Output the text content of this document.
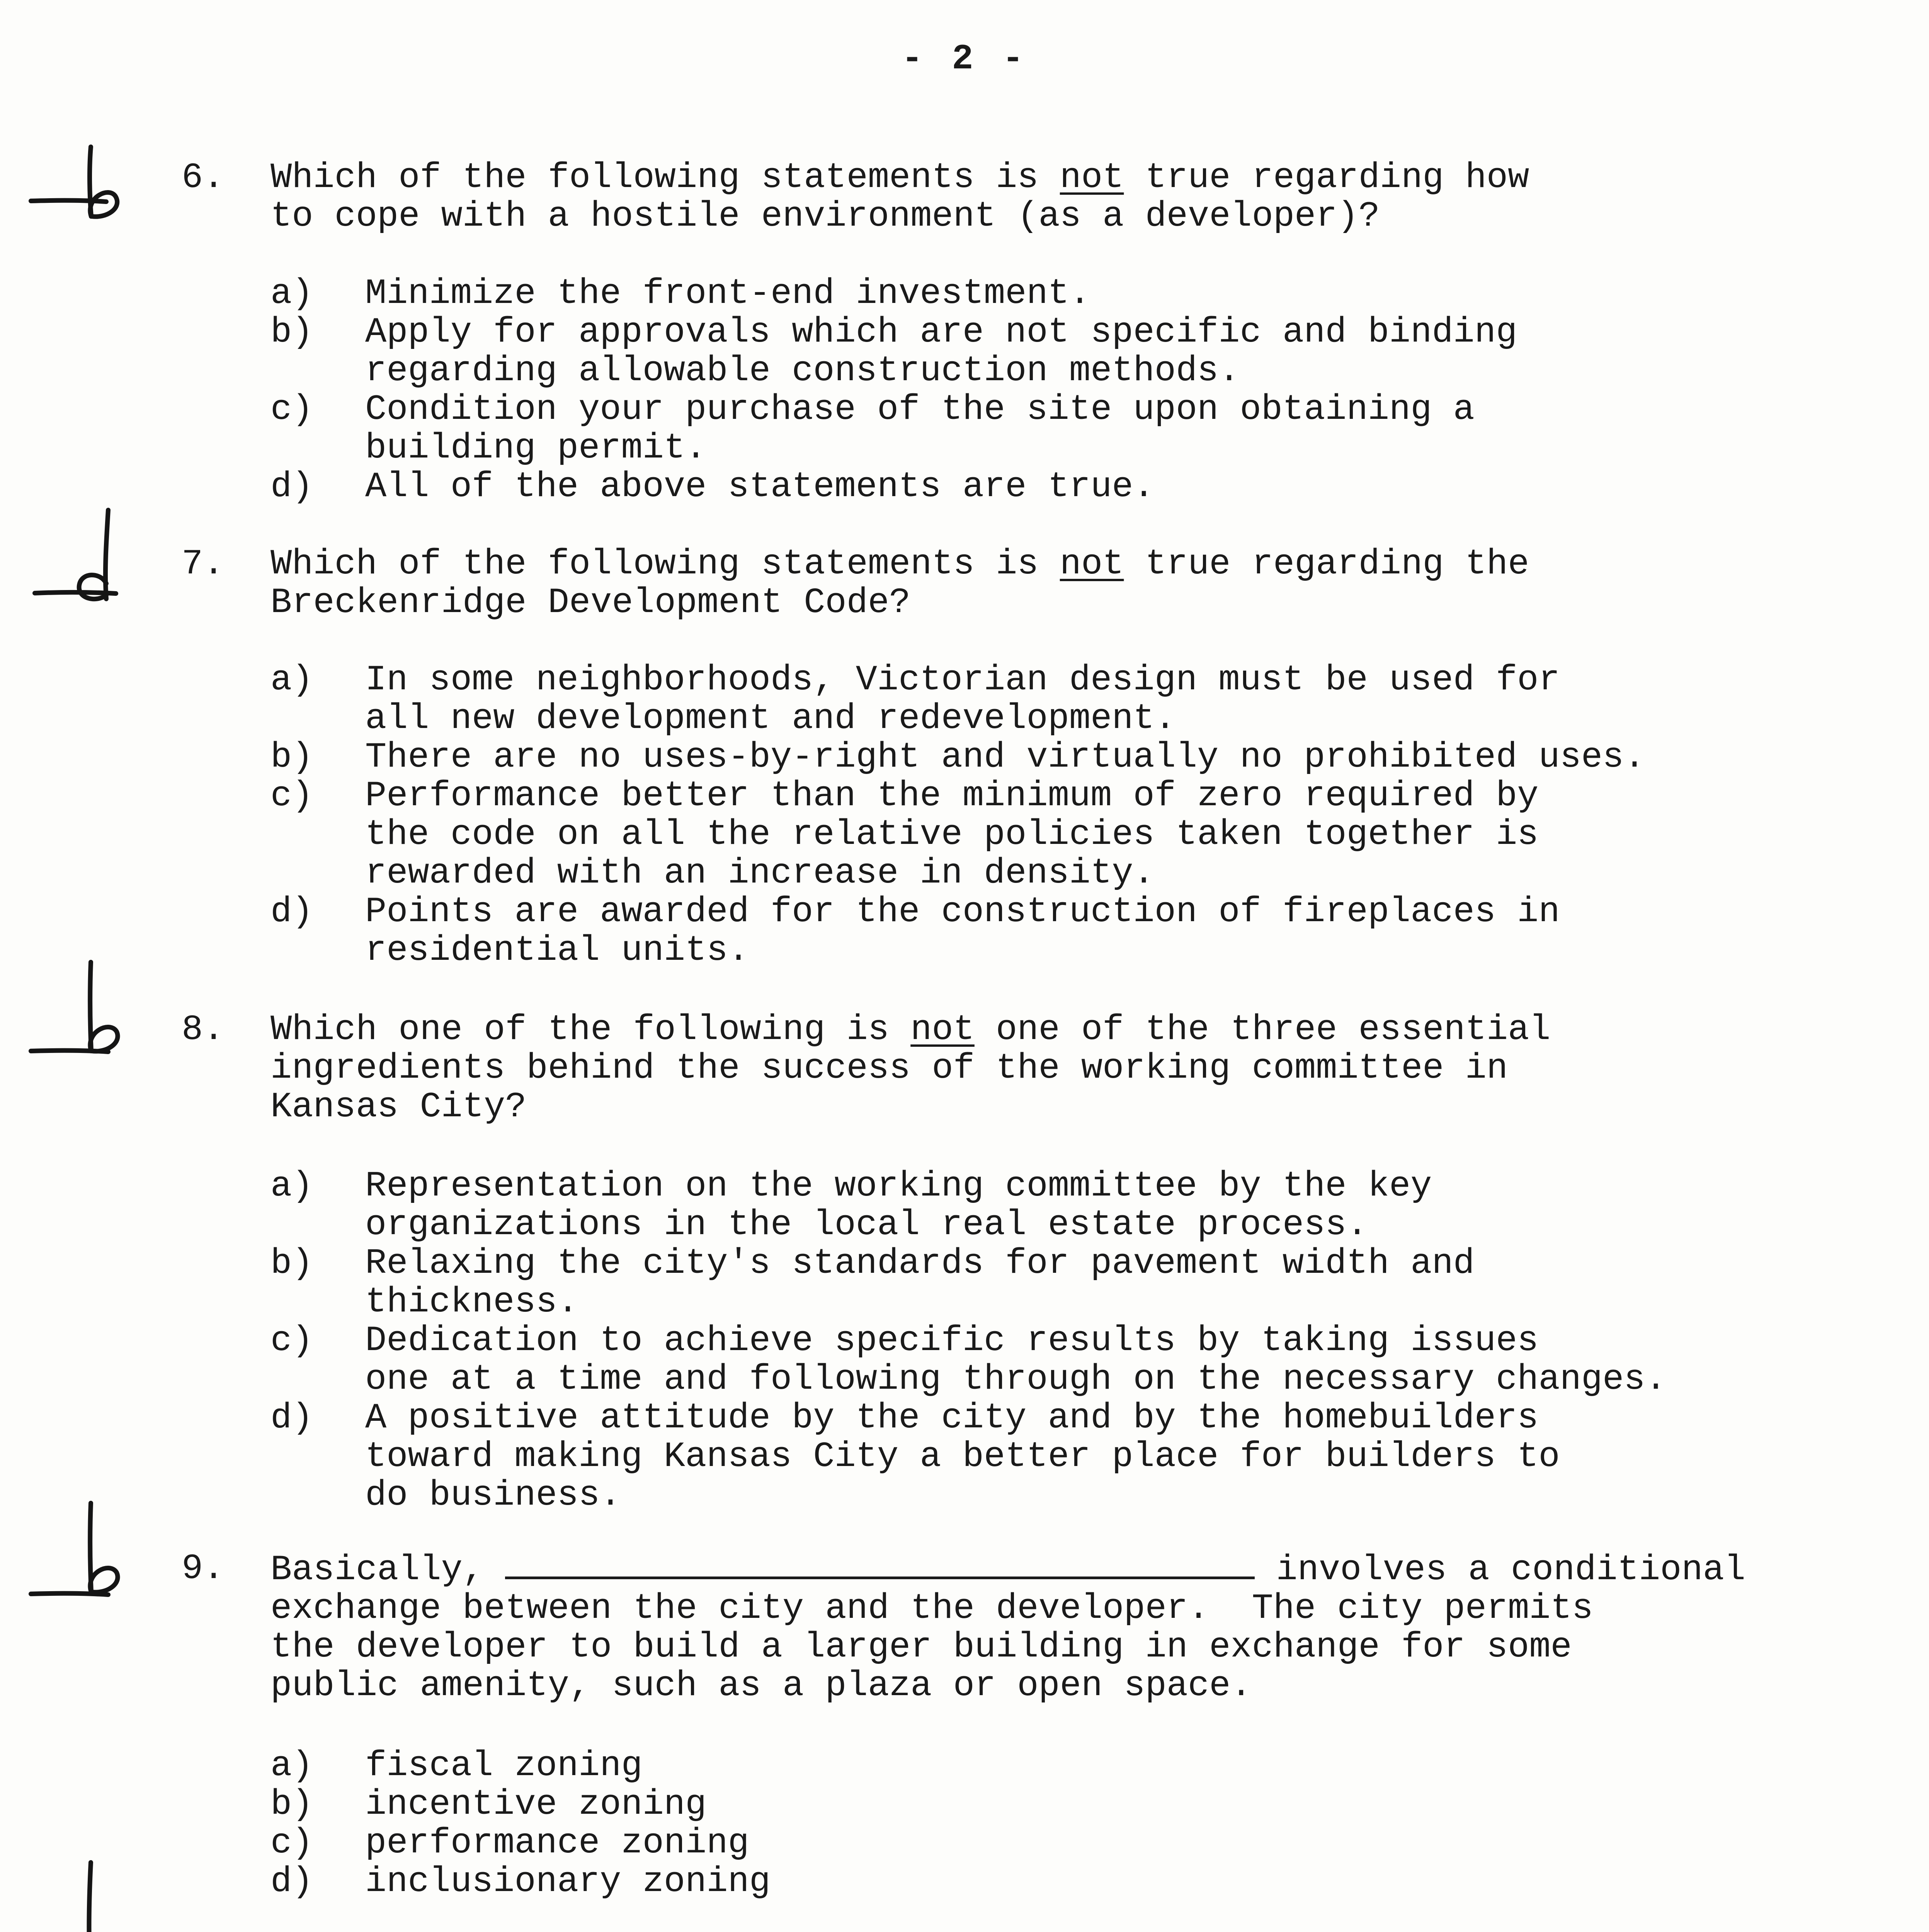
- 2 -
6. Which of the following statements is not true regarding how
to cope with a hostile environment (as a developer)?
a) Minimize the front-end investment.
b) Apply for approvals which are not specific and binding
regarding allowable construction methods.
c) Condition your purchase of the site upon obtaining a
building permit.
d) All of the above statements are true.
7. Which of the following statements is not true regarding the
Breckenridge Development Code?
a) In some neighborhoods, Victorian design must be used for
all new development and redevelopment.
b) There are no uses-by-right and virtually no prohibited uses.
c) Performance better than the minimum of zero required by
the code on all the relative policies taken together is
rewarded with an increase in density.
d) Points are awarded for the construction of fireplaces in
residential units.
8. Which one of the following is not one of the three essential
ingredients behind the success of the working committee in
Kansas City?
a) Representation on the working committee by the key
organizations in the local real estate process.
b) Relaxing the city's standards for pavement width and
thickness.
c) Dedication to achieve specific results by taking issues
one at a time and following through on the necessary changes.
d) A positive attitude by the city and by the homebuilders
toward making Kansas City a better place for builders to
do business.
9. Basically,	involves a conditional
exchange between the city and the developer.  The city permits
the developer to build a larger building in exchange for some
public amenity, such as a plaza or open space.
a) fiscal zoning
b) incentive zoning
c) performance zoning
d) inclusionary zoning
